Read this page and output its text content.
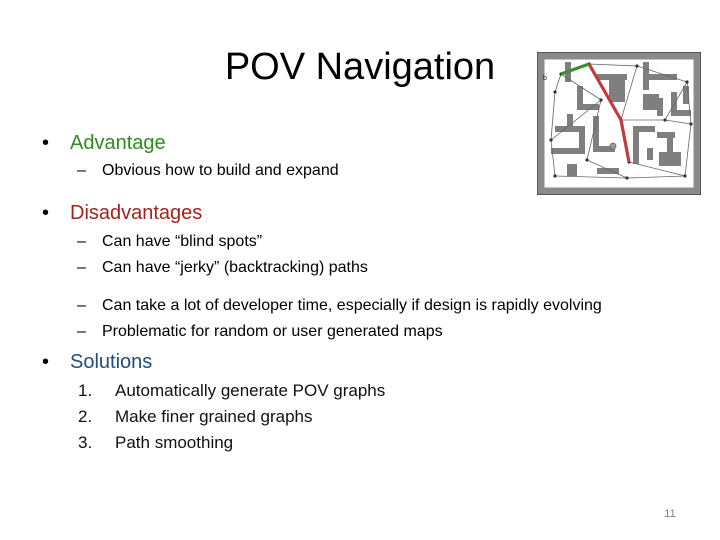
POV Navigation	b
• Advantage
– Obvious how to build and expand
• Disadvantages
– Can have “blind spots”
– Can have “jerky” (backtracking) paths
– Can take a lot of developer time, especially if design is rapidly evolving
– Problematic for random or user generated maps
• Solutions
1. Automatically generate POV graphs
2. Make finer grained graphs
3. Path smoothing
11
